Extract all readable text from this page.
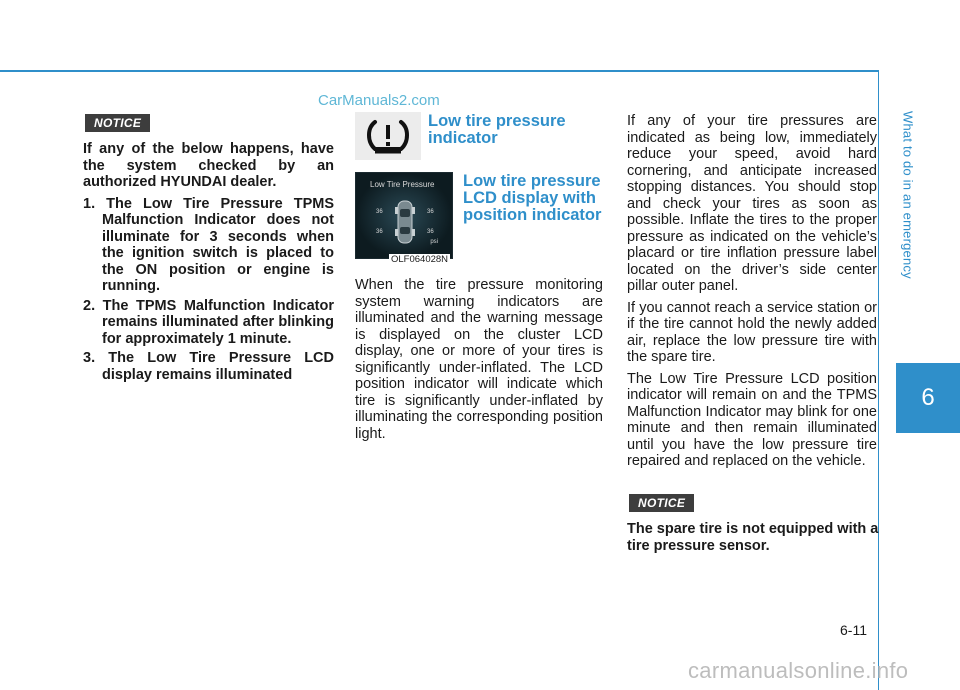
What to do in an emergency
6
6-11
CarManuals2.com
carmanualsonline.info
NOTICE
If any of the below happens, have the system checked by an authorized HYUNDAI dealer.
1. The Low Tire Pressure TPMS Malfunction Indicator does not illuminate for 3 seconds when the ignition switch is placed to the ON position or engine is running.
2. The TPMS Malfunction Indicator remains illuminated after blinking for approximately 1 minute.
3. The Low Tire Pressure LCD display remains illuminated
Low tire pressure indicator
Low Tire Pressure
36	36
36	36
psi
OLF064028N
Low tire pressure LCD display with position indicator
When the tire pressure monitoring system warning indicators are illuminated and the warning message is displayed on the cluster LCD display, one or more of your tires is significantly under-inflated. The LCD position indicator will indicate which tire is significantly under-inflated by illuminating the corresponding position light.
If any of your tire pressures are indicated as being low, immediately reduce your speed, avoid hard cornering, and anticipate increased stopping distances. You should stop and check your tires as soon as possible. Inflate the tires to the proper pressure as indicated on the vehicle’s placard or tire inflation pressure label located on the driver’s side center pillar outer panel.
If you cannot reach a service station or if the tire cannot hold the newly added air, replace the low pressure tire with the spare tire.
The Low Tire Pressure LCD position indicator will remain on and the TPMS Malfunction Indicator may blink for one minute and then remain illuminated until you have the low pressure tire repaired and replaced on the vehicle.
NOTICE
The spare tire is not equipped with a tire pressure sensor.
